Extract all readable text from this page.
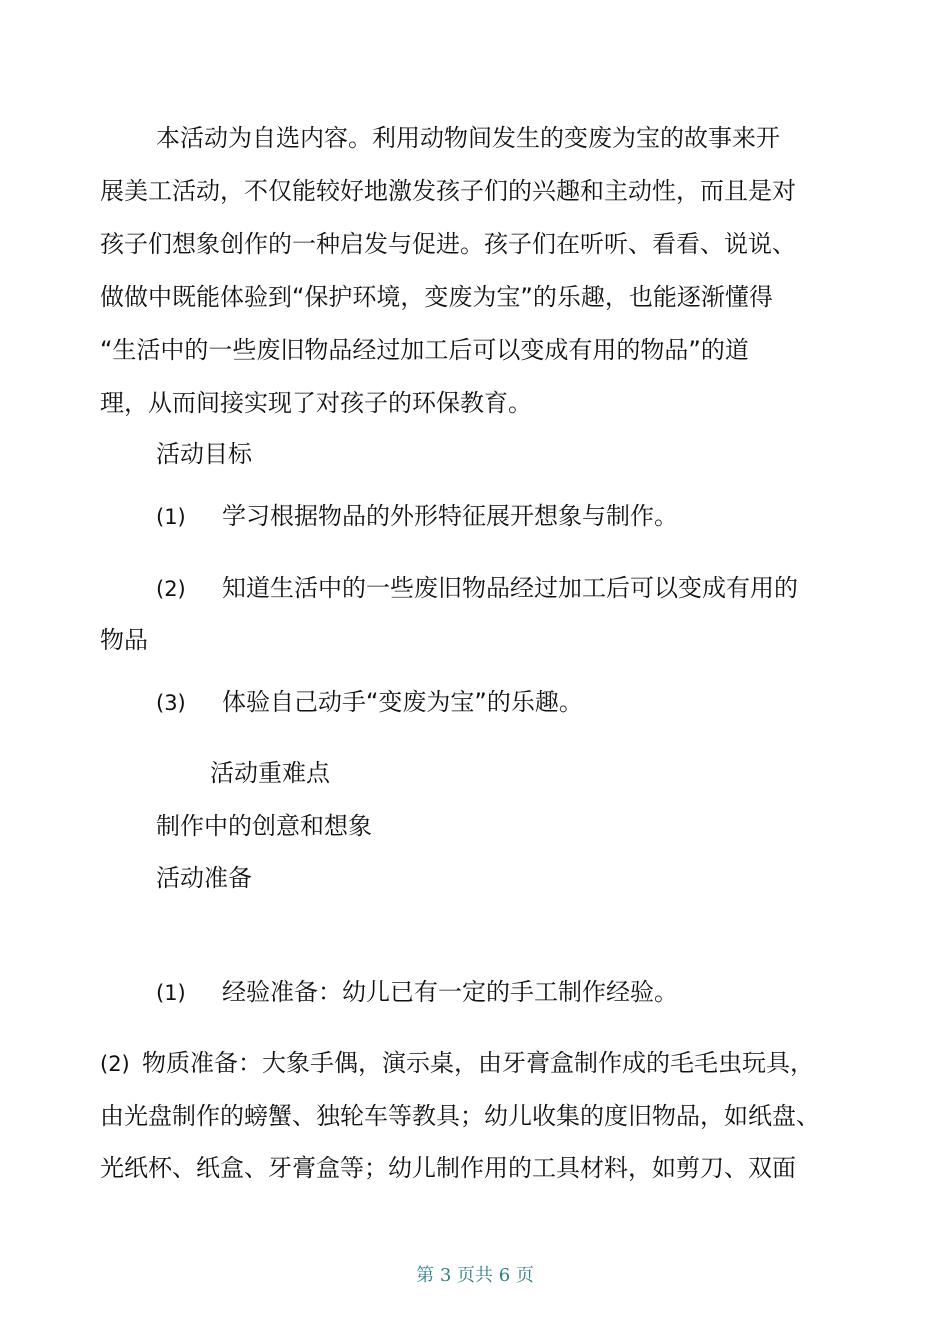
本活动为自选内容。利用动物间发生的变废为宝的故事来开
展美工活动，不仅能较好地激发孩子们的兴趣和主动性，而且是对
孩子们想象创作的一种启发与促进。孩子们在听听、看看、说说、
做做中既能体验到“保护环境，变废为宝”的乐趣，也能逐渐懂得
“生活中的一些废旧物品经过加工后可以变成有用的物品”的道
理，从而间接实现了对孩子的环保教育。
活动目标
(1) 学习根据物品的外形特征展开想象与制作。
(2) 知道生活中的一些废旧物品经过加工后可以变成有用的
物品
(3) 体验自己动手“变废为宝”的乐趣。
活动重难点
制作中的创意和想象
活动准备
(1) 经验准备：幼儿已有一定的手工制作经验。
(2) 物质准备：大象手偶，演示桌，由牙膏盒制作成的毛毛虫玩具，
由光盘制作的螃蟹、独轮车等教具；幼儿收集的度旧物品，如纸盘、
光纸杯、纸盒、牙膏盒等；幼儿制作用的工具材料，如剪刀、双面
第 3 页共 6 页
